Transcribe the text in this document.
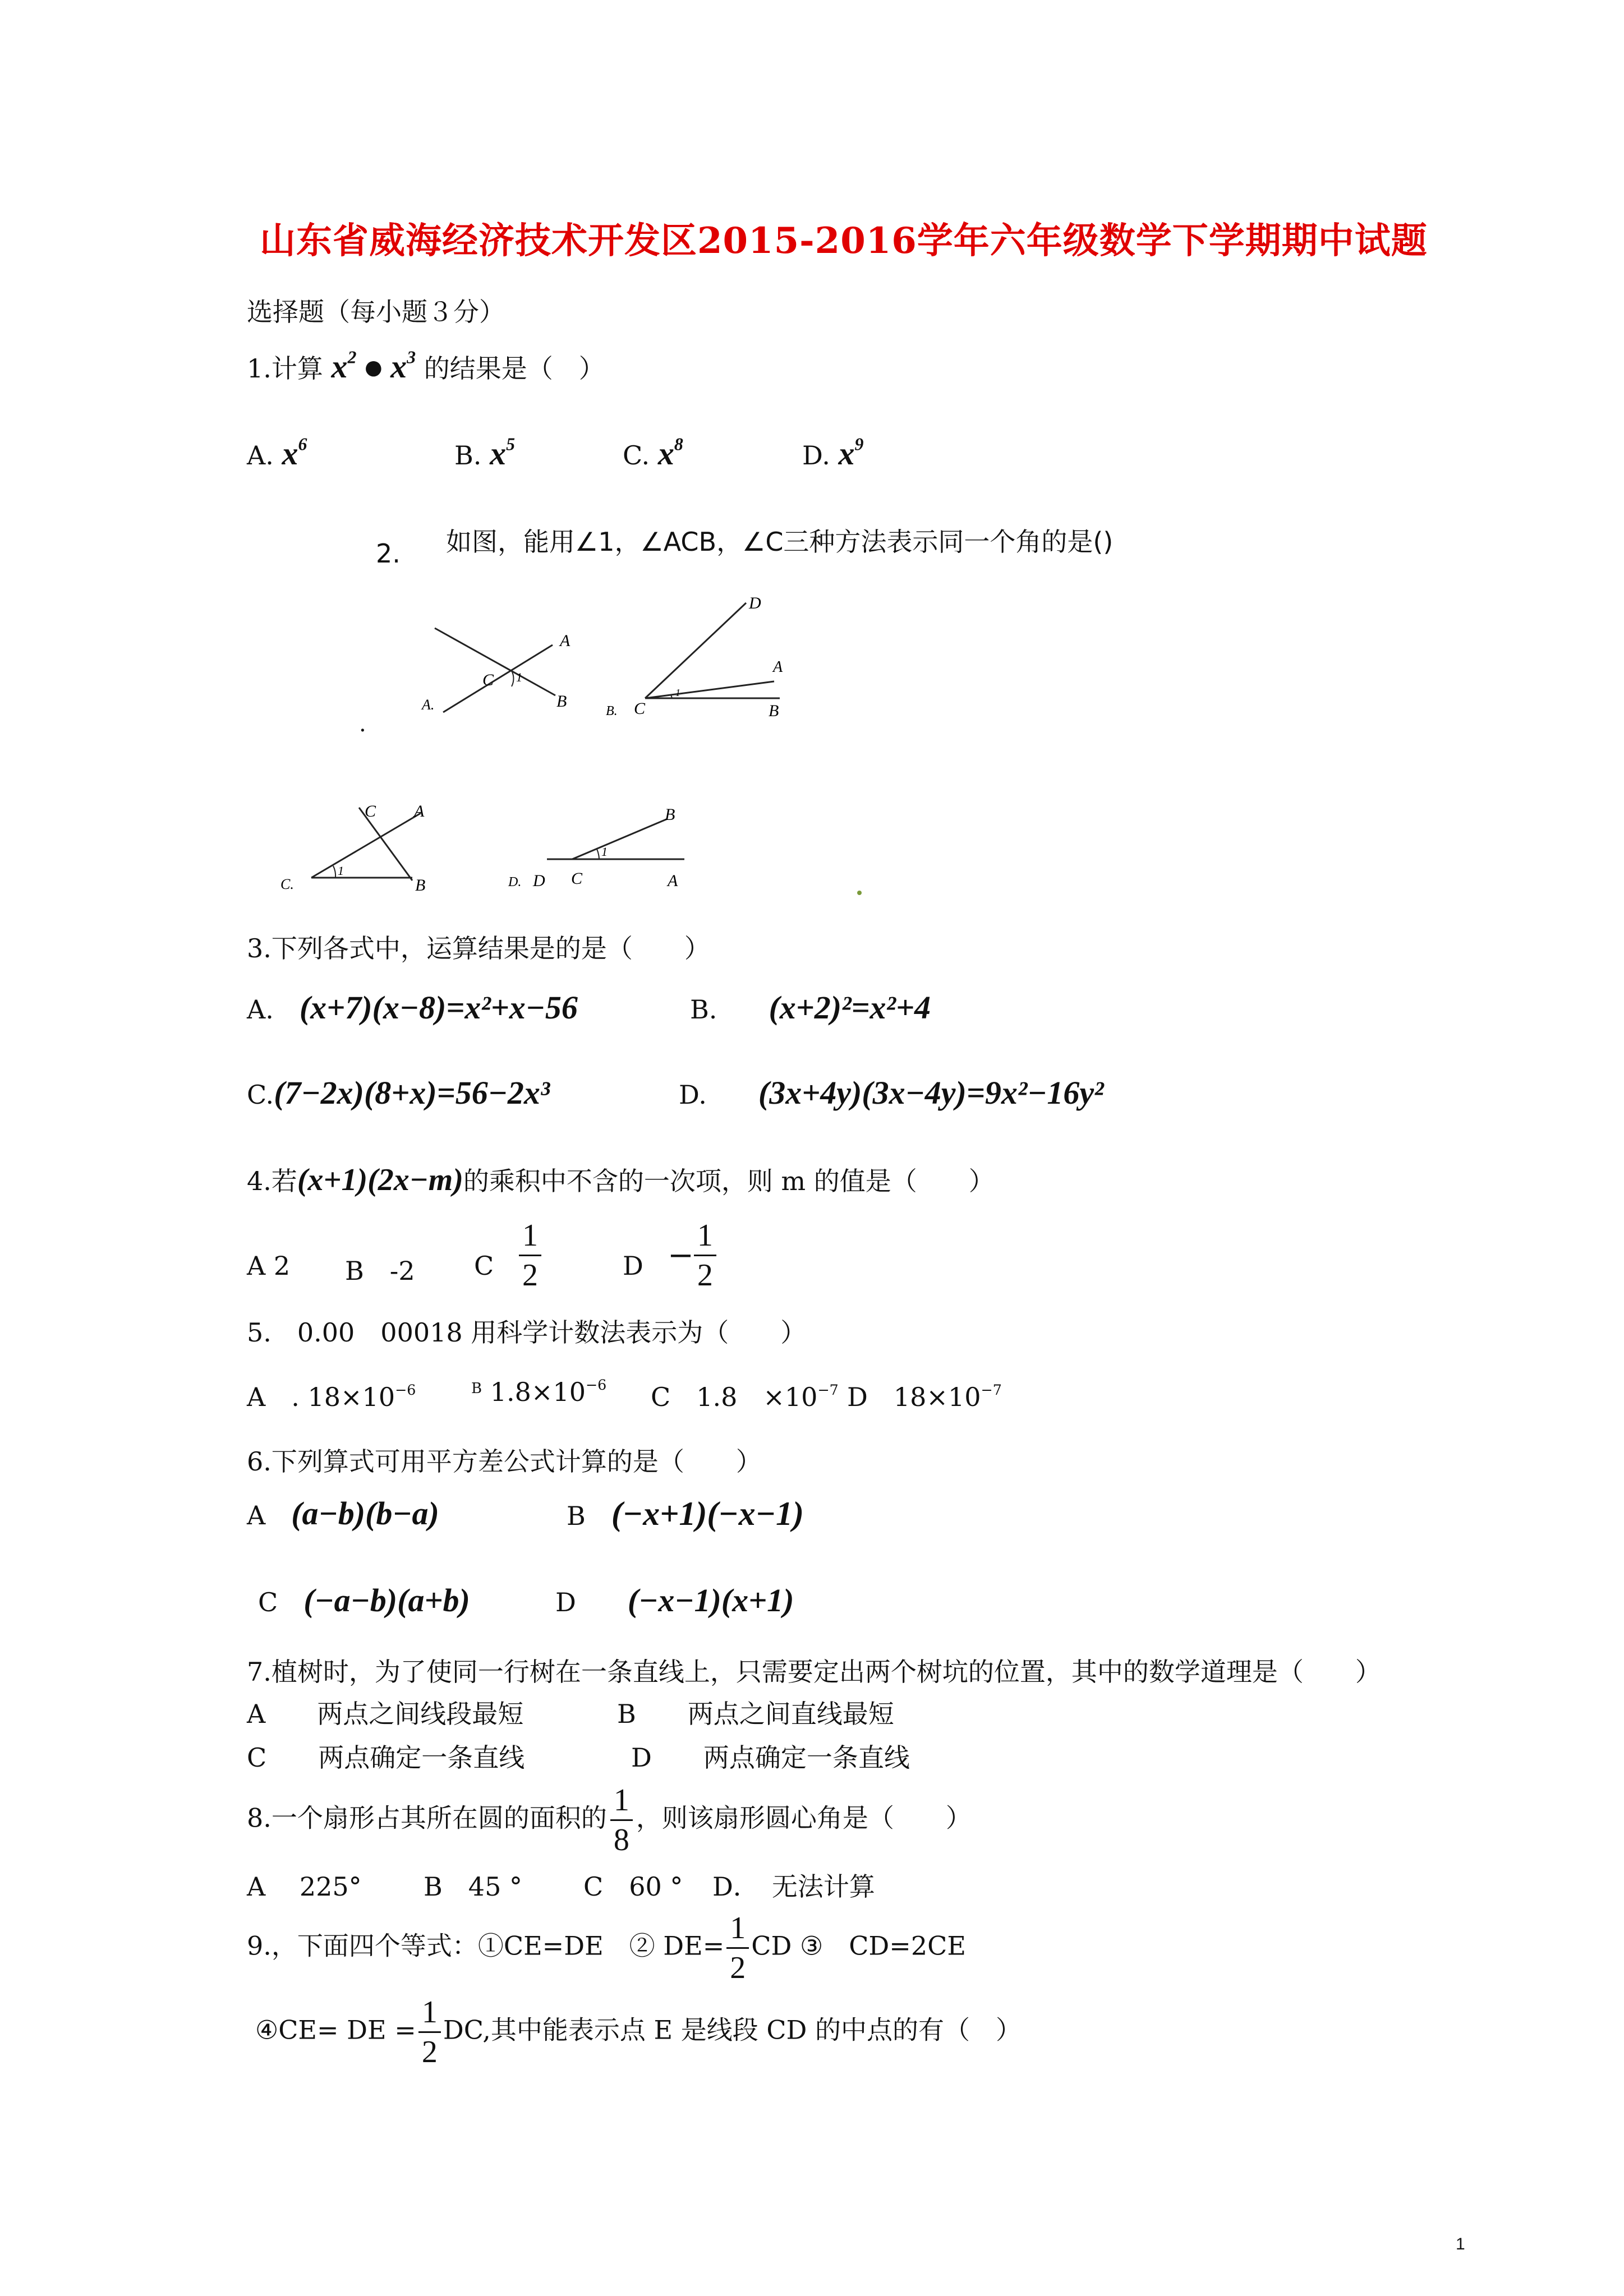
山东省威海经济技术开发区2015-2016学年六年级数学下学期期中试题
选择题（每小题３分）
1.计算 $x^2$ ● $x^3$ 的结果是（　）
A. $x^6$	B. $x^5$	C. $x^8$	D. $x^9$
2. 如图，能用∠1，∠ACB，∠C三种方法表示同一个角的是()
A.
A
C
B
1
.	B.
D
A
C	B
1
C.
C A
B
1
D.
B
D C	A
1
3.下列各式中，运算结果是的是（　　）
A.　 (x+7)(x−8)=x²+x−56	B.　　 (x+2)²=x²+4
C.(7−2x)(8+x)=56−2x³	D.　　 (3x+4y)(3x−4y)=9x²−16y²
4.若(x+1)(2x−m)的乘积中不含的一次项，则 m 的值是（　　）
A 2 B　-2 C $\frac{1}{2}$	$D - \frac{1}{2}$
5.　0.00　00018 用科学计数法表示为（　　）
A　 . $18\times 10^{-6}$	$^B$ $1.8\times 10^{-6}$ C　1.8　 $\times 10^{-7}$ D　$18\times 10^{-7}$
6.下列算式可用平方差公式计算的是（　　）
A　 (a−b)(b−a)	B　 (−x+1)(−x−1)
C　 (−a−b)(a+b)	D　　 (−x−1)(x+1)
7.植树时，为了使同一行树在一条直线上，只需要定出两个树坑的位置，其中的数学道理是（　　）
A　　两点之间线段最短	B　　两点之间直线最短
C　　两点确定一条直线	D　　两点确定一条直线
8.一个扇形占其所在圆的面积的 $\frac{1}{8}$ ，则该扇形圆心角是（　　）
A　 225° B　45 ° C　60 ° D．　无法计算
9.，下面四个等式：①CE=DE　② $DE= \frac{1}{2}$ CD ③　CD=2CE
④CE= DE = $\frac{1}{2}$ DC,其中能表示点 E 是线段 CD 的中点的有（　）
1
